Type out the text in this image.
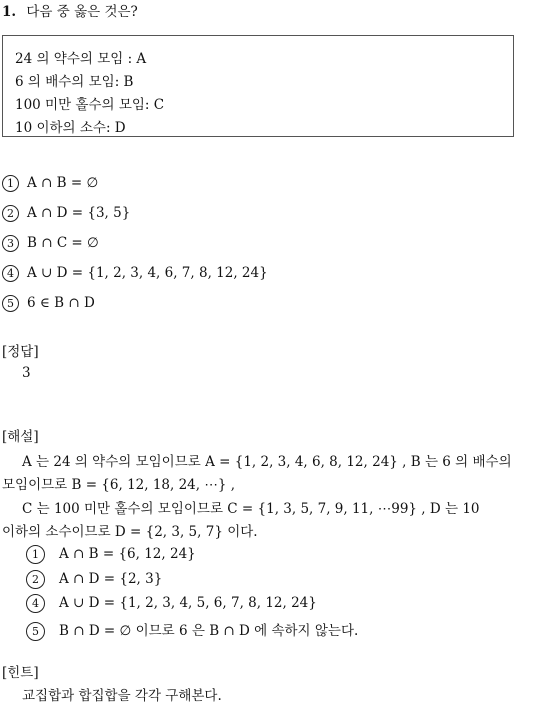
1. 다음 중 옳은 것은?
24 의 약수의 모임 : A
6 의 배수의 모임: B
100 미만 홀수의 모임: C
10 이하의 소수: D
1 A ∩ B = ∅
2 A ∩ D = {3, 5}
3 B ∩ C = ∅
4 A ∪ D = {1, 2, 3, 4, 6, 7, 8, 12, 24}
5 6 ∈ B ∩ D
[정답]
3
[해설]
A 는 24 의 약수의 모임이므로 A = {1, 2, 3, 4, 6, 8, 12, 24} , B 는 6 의 배수의
모임이므로 B = {6, 12, 18, 24, ⋯} ,
C 는 100 미만 홀수의 모임이므로 C = {1, 3, 5, 7, 9, 11, ⋯99} , D 는 10
이하의 소수이므로 D = {2, 3, 5, 7} 이다.
1 A ∩ B = {6, 12, 24}
2 A ∩ D = {2, 3}
4 A ∪ D = {1, 2, 3, 4, 5, 6, 7, 8, 12, 24}
5 B ∩ D = ∅ 이므로 6 은 B ∩ D 에 속하지 않는다.
[힌트]
교집합과 합집합을 각각 구해본다.
